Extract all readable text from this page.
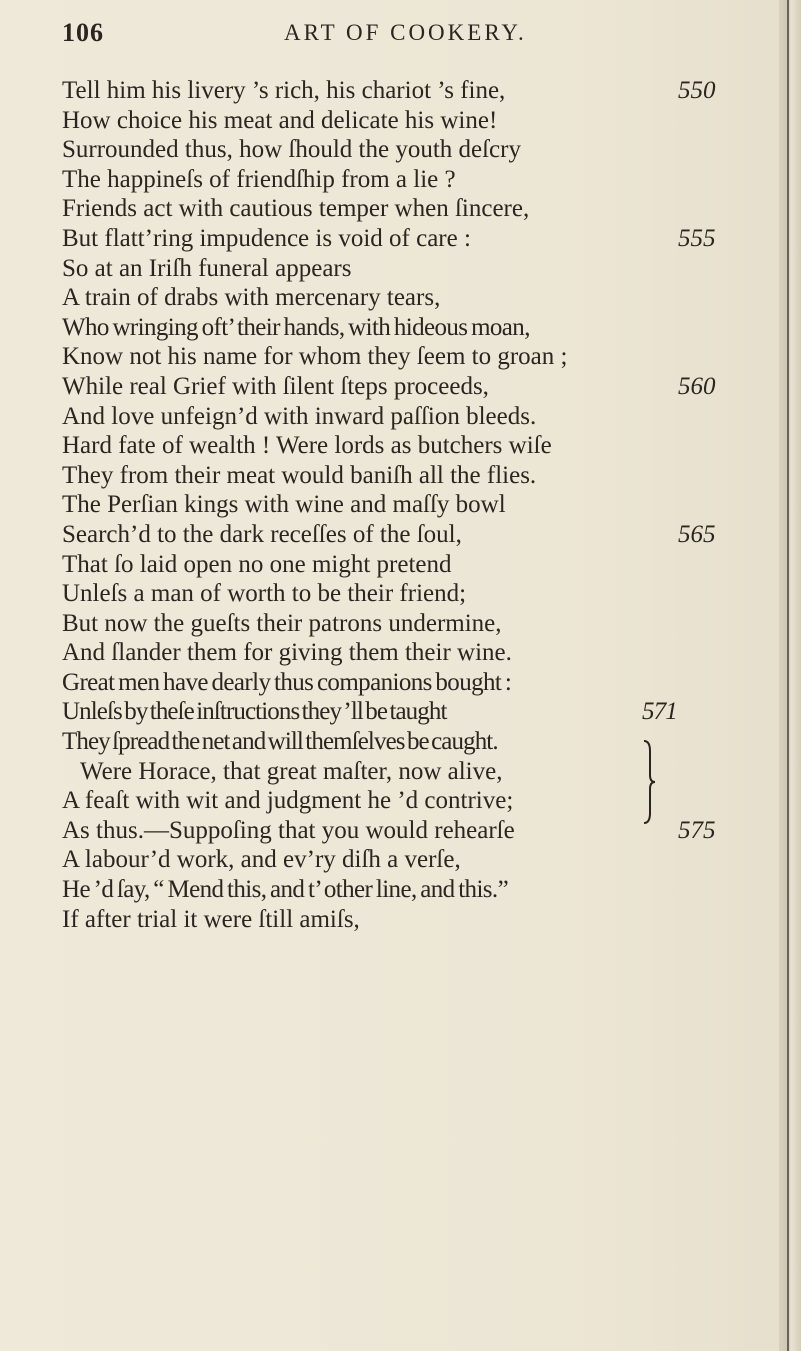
106	ART OF COOKERY.
Tell him his livery ’s rich, his chariot ’s fine,	550
How choice his meat and delicate his wine!
Surrounded thus, how ſhould the youth deſcry
The happineſs of friendſhip from a lie ?
Friends act with cautious temper when ſincere,
But flatt’ring impudence is void of care :	555
So at an Iriſh funeral appears
A train of drabs with mercenary tears,
Who wringing oft’ their hands, with hideous moan,
Know not his name for whom they ſeem to groan ;
While real Grief with ſilent ſteps proceeds,	560
And love unfeign’d with inward paſſion bleeds.
Hard fate of wealth ! Were lords as butchers wiſe
They from their meat would baniſh all the flies.
The Perſian kings with wine and maſſy bowl
Search’d to the dark receſſes of the ſoul,	565
That ſo laid open no one might pretend
Unleſs a man of worth to be their friend;
But now the gueſts their patrons undermine,
And ſlander them for giving them their wine.
Great men have dearly thus companions bought :
Unleſs by theſe inſtructions they ’ll be taught	571
They ſpread the net and will themſelves be caught.
Were Horace, that great maſter, now alive,
A feaſt with wit and judgment he ’d contrive;
As thus.—Suppoſing that you would rehearſe	575
A labour’d work, and ev’ry diſh a verſe,
He ’d ſay, “ Mend this, and t’ other line, and this.”
If after trial it were ſtill amiſs,
